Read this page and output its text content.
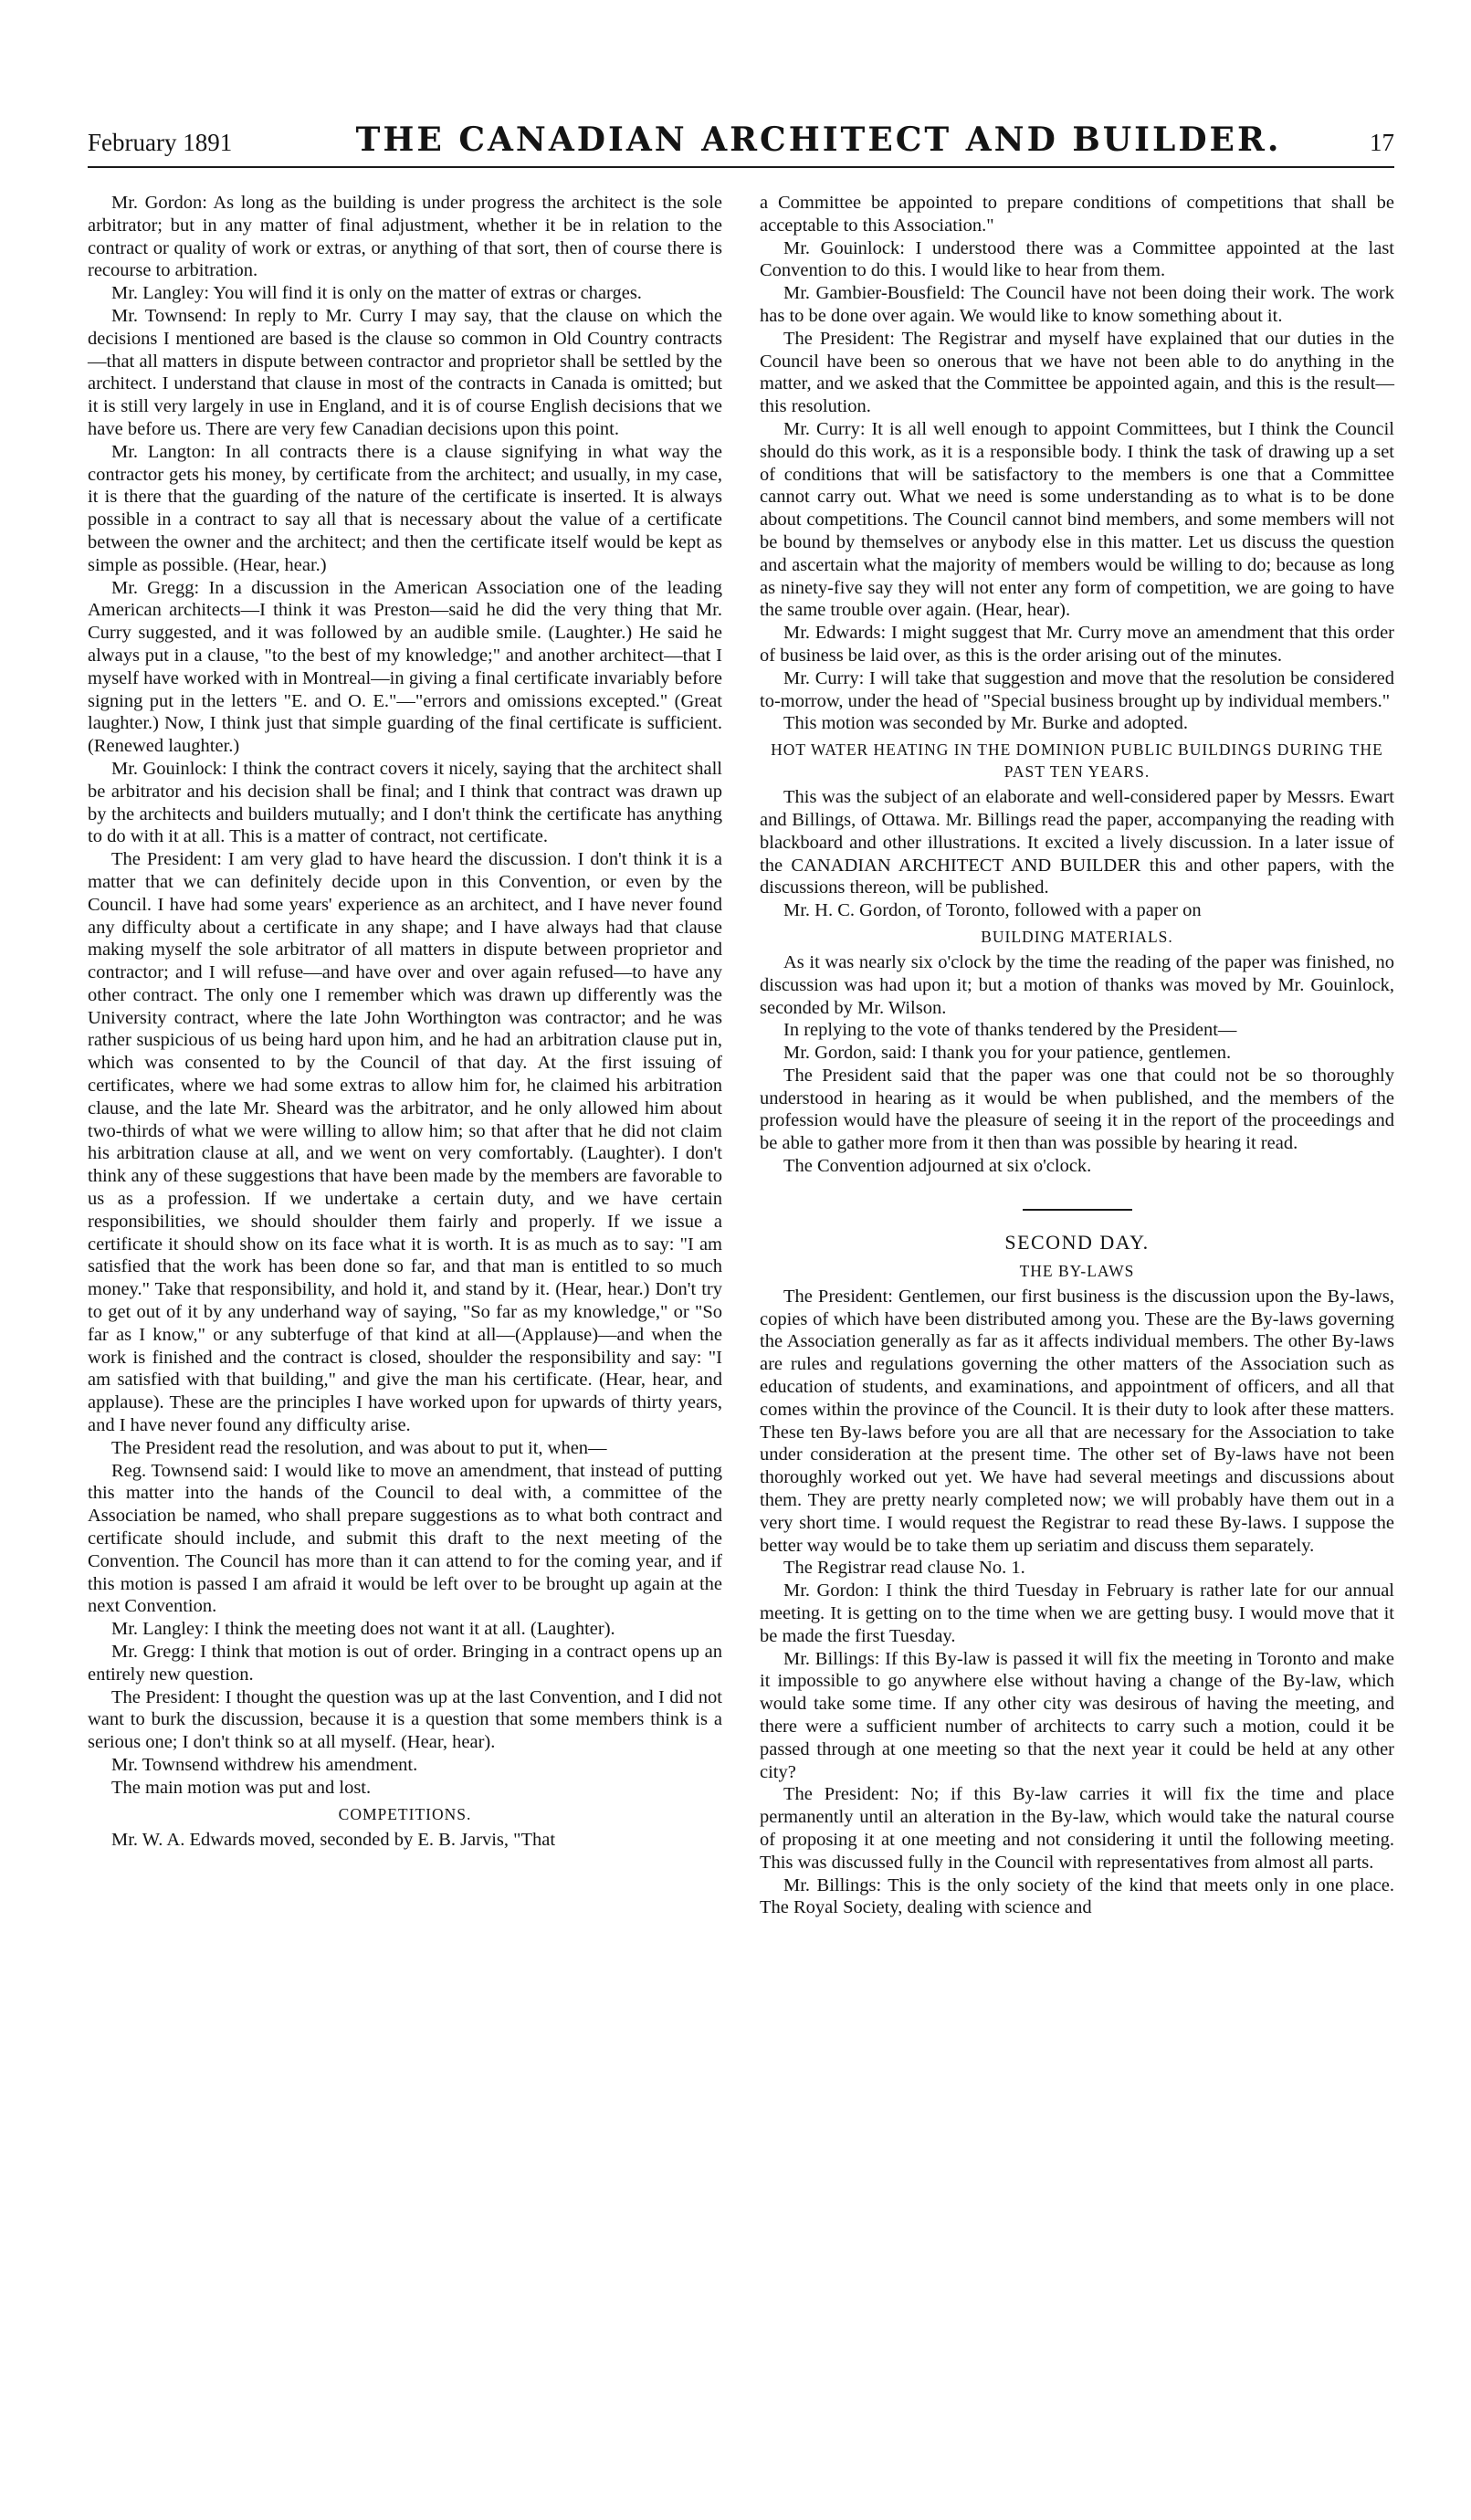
February 1891	THE CANADIAN ARCHITECT AND BUILDER.	17

Mr. Gordon: As long as the building is under progress the architect is the sole arbitrator; but in any matter of final adjustment, whether it be in relation to the contract or quality of work or extras, or anything of that sort, then of course there is recourse to arbitration.

Mr. Langley: You will find it is only on the matter of extras or charges.

Mr. Townsend: In reply to Mr. Curry I may say, that the clause on which the decisions I mentioned are based is the clause so common in Old Country contracts—that all matters in dispute between contractor and proprietor shall be settled by the architect. I understand that clause in most of the contracts in Canada is omitted; but it is still very largely in use in England, and it is of course English decisions that we have before us. There are very few Canadian decisions upon this point.

Mr. Langton: In all contracts there is a clause signifying in what way the contractor gets his money, by certificate from the architect; and usually, in my case, it is there that the guarding of the nature of the certificate is inserted. It is always possible in a contract to say all that is necessary about the value of a certificate between the owner and the architect; and then the certificate itself would be kept as simple as possible. (Hear, hear.)

Mr. Gregg: In a discussion in the American Association one of the leading American architects—I think it was Preston—said he did the very thing that Mr. Curry suggested, and it was followed by an audible smile. (Laughter.) He said he always put in a clause, "to the best of my knowledge;" and another architect—that I myself have worked with in Montreal—in giving a final certificate invariably before signing put in the letters "E. and O. E."—"errors and omissions excepted." (Great laughter.) Now, I think just that simple guarding of the final certificate is sufficient. (Renewed laughter.)

Mr. Gouinlock: I think the contract covers it nicely, saying that the architect shall be arbitrator and his decision shall be final; and I think that contract was drawn up by the architects and builders mutually; and I don't think the certificate has anything to do with it at all. This is a matter of contract, not certificate.

The President: I am very glad to have heard the discussion. I don't think it is a matter that we can definitely decide upon in this Convention, or even by the Council. I have had some years' experience as an architect, and I have never found any difficulty about a certificate in any shape; and I have always had that clause making myself the sole arbitrator of all matters in dispute between proprietor and contractor; and I will refuse—and have over and over again refused—to have any other contract. The only one I remember which was drawn up differently was the University contract, where the late John Worthington was contractor; and he was rather suspicious of us being hard upon him, and he had an arbitration clause put in, which was consented to by the Council of that day. At the first issuing of certificates, where we had some extras to allow him for, he claimed his arbitration clause, and the late Mr. Sheard was the arbitrator, and he only allowed him about two-thirds of what we were willing to allow him; so that after that he did not claim his arbitration clause at all, and we went on very comfortably. (Laughter). I don't think any of these suggestions that have been made by the members are favorable to us as a profession. If we undertake a certain duty, and we have certain responsibilities, we should shoulder them fairly and properly. If we issue a certificate it should show on its face what it is worth. It is as much as to say: "I am satisfied that the work has been done so far, and that man is entitled to so much money." Take that responsibility, and hold it, and stand by it. (Hear, hear.) Don't try to get out of it by any underhand way of saying, "So far as my knowledge," or "So far as I know," or any subterfuge of that kind at all—(Applause)—and when the work is finished and the contract is closed, shoulder the responsibility and say: "I am satisfied with that building," and give the man his certificate. (Hear, hear, and applause). These are the principles I have worked upon for upwards of thirty years, and I have never found any difficulty arise.

The President read the resolution, and was about to put it, when—

Reg. Townsend said: I would like to move an amendment, that instead of putting this matter into the hands of the Council to deal with, a committee of the Association be named, who shall prepare suggestions as to what both contract and certificate should include, and submit this draft to the next meeting of the Convention. The Council has more than it can attend to for the coming year, and if this motion is passed I am afraid it would be left over to be brought up again at the next Convention.

Mr. Langley: I think the meeting does not want it at all. (Laughter).

Mr. Gregg: I think that motion is out of order. Bringing in a contract opens up an entirely new question.

The President: I thought the question was up at the last Convention, and I did not want to burk the discussion, because it is a question that some members think is a serious one; I don't think so at all myself. (Hear, hear).

Mr. Townsend withdrew his amendment.

The main motion was put and lost.

COMPETITIONS.

Mr. W. A. Edwards moved, seconded by E. B. Jarvis, "That

a Committee be appointed to prepare conditions of competitions that shall be acceptable to this Association."

Mr. Gouinlock: I understood there was a Committee appointed at the last Convention to do this. I would like to hear from them.

Mr. Gambier-Bousfield: The Council have not been doing their work. The work has to be done over again. We would like to know something about it.

The President: The Registrar and myself have explained that our duties in the Council have been so onerous that we have not been able to do anything in the matter, and we asked that the Committee be appointed again, and this is the result—this resolution.

Mr. Curry: It is all well enough to appoint Committees, but I think the Council should do this work, as it is a responsible body. I think the task of drawing up a set of conditions that will be satisfactory to the members is one that a Committee cannot carry out. What we need is some understanding as to what is to be done about competitions. The Council cannot bind members, and some members will not be bound by themselves or anybody else in this matter. Let us discuss the question and ascertain what the majority of members would be willing to do; because as long as ninety-five say they will not enter any form of competition, we are going to have the same trouble over again. (Hear, hear).

Mr. Edwards: I might suggest that Mr. Curry move an amendment that this order of business be laid over, as this is the order arising out of the minutes.

Mr. Curry: I will take that suggestion and move that the resolution be considered to-morrow, under the head of "Special business brought up by individual members."

This motion was seconded by Mr. Burke and adopted.

HOT WATER HEATING IN THE DOMINION PUBLIC BUILDINGS DURING THE PAST TEN YEARS.

This was the subject of an elaborate and well-considered paper by Messrs. Ewart and Billings, of Ottawa. Mr. Billings read the paper, accompanying the reading with blackboard and other illustrations. It excited a lively discussion. In a later issue of the CANADIAN ARCHITECT AND BUILDER this and other papers, with the discussions thereon, will be published.

Mr. H. C. Gordon, of Toronto, followed with a paper on

BUILDING MATERIALS.

As it was nearly six o'clock by the time the reading of the paper was finished, no discussion was had upon it; but a motion of thanks was moved by Mr. Gouinlock, seconded by Mr. Wilson.

In replying to the vote of thanks tendered by the President—

Mr. Gordon, said: I thank you for your patience, gentlemen.

The President said that the paper was one that could not be so thoroughly understood in hearing as it would be when published, and the members of the profession would have the pleasure of seeing it in the report of the proceedings and be able to gather more from it then than was possible by hearing it read.

The Convention adjourned at six o'clock.

SECOND DAY.
THE BY-LAWS

The President: Gentlemen, our first business is the discussion upon the By-laws, copies of which have been distributed among you. These are the By-laws governing the Association generally as far as it affects individual members. The other By-laws are rules and regulations governing the other matters of the Association such as education of students, and examinations, and appointment of officers, and all that comes within the province of the Council. It is their duty to look after these matters. These ten By-laws before you are all that are necessary for the Association to take under consideration at the present time. The other set of By-laws have not been thoroughly worked out yet. We have had several meetings and discussions about them. They are pretty nearly completed now; we will probably have them out in a very short time. I would request the Registrar to read these By-laws. I suppose the better way would be to take them up seriatim and discuss them separately.

The Registrar read clause No. 1.

Mr. Gordon: I think the third Tuesday in February is rather late for our annual meeting. It is getting on to the time when we are getting busy. I would move that it be made the first Tuesday.

Mr. Billings: If this By-law is passed it will fix the meeting in Toronto and make it impossible to go anywhere else without having a change of the By-law, which would take some time. If any other city was desirous of having the meeting, and there were a sufficient number of architects to carry such a motion, could it be passed through at one meeting so that the next year it could be held at any other city?

The President: No; if this By-law carries it will fix the time and place permanently until an alteration in the By-law, which would take the natural course of proposing it at one meeting and not considering it until the following meeting. This was discussed fully in the Council with representatives from almost all parts.

Mr. Billings: This is the only society of the kind that meets only in one place. The Royal Society, dealing with science and
